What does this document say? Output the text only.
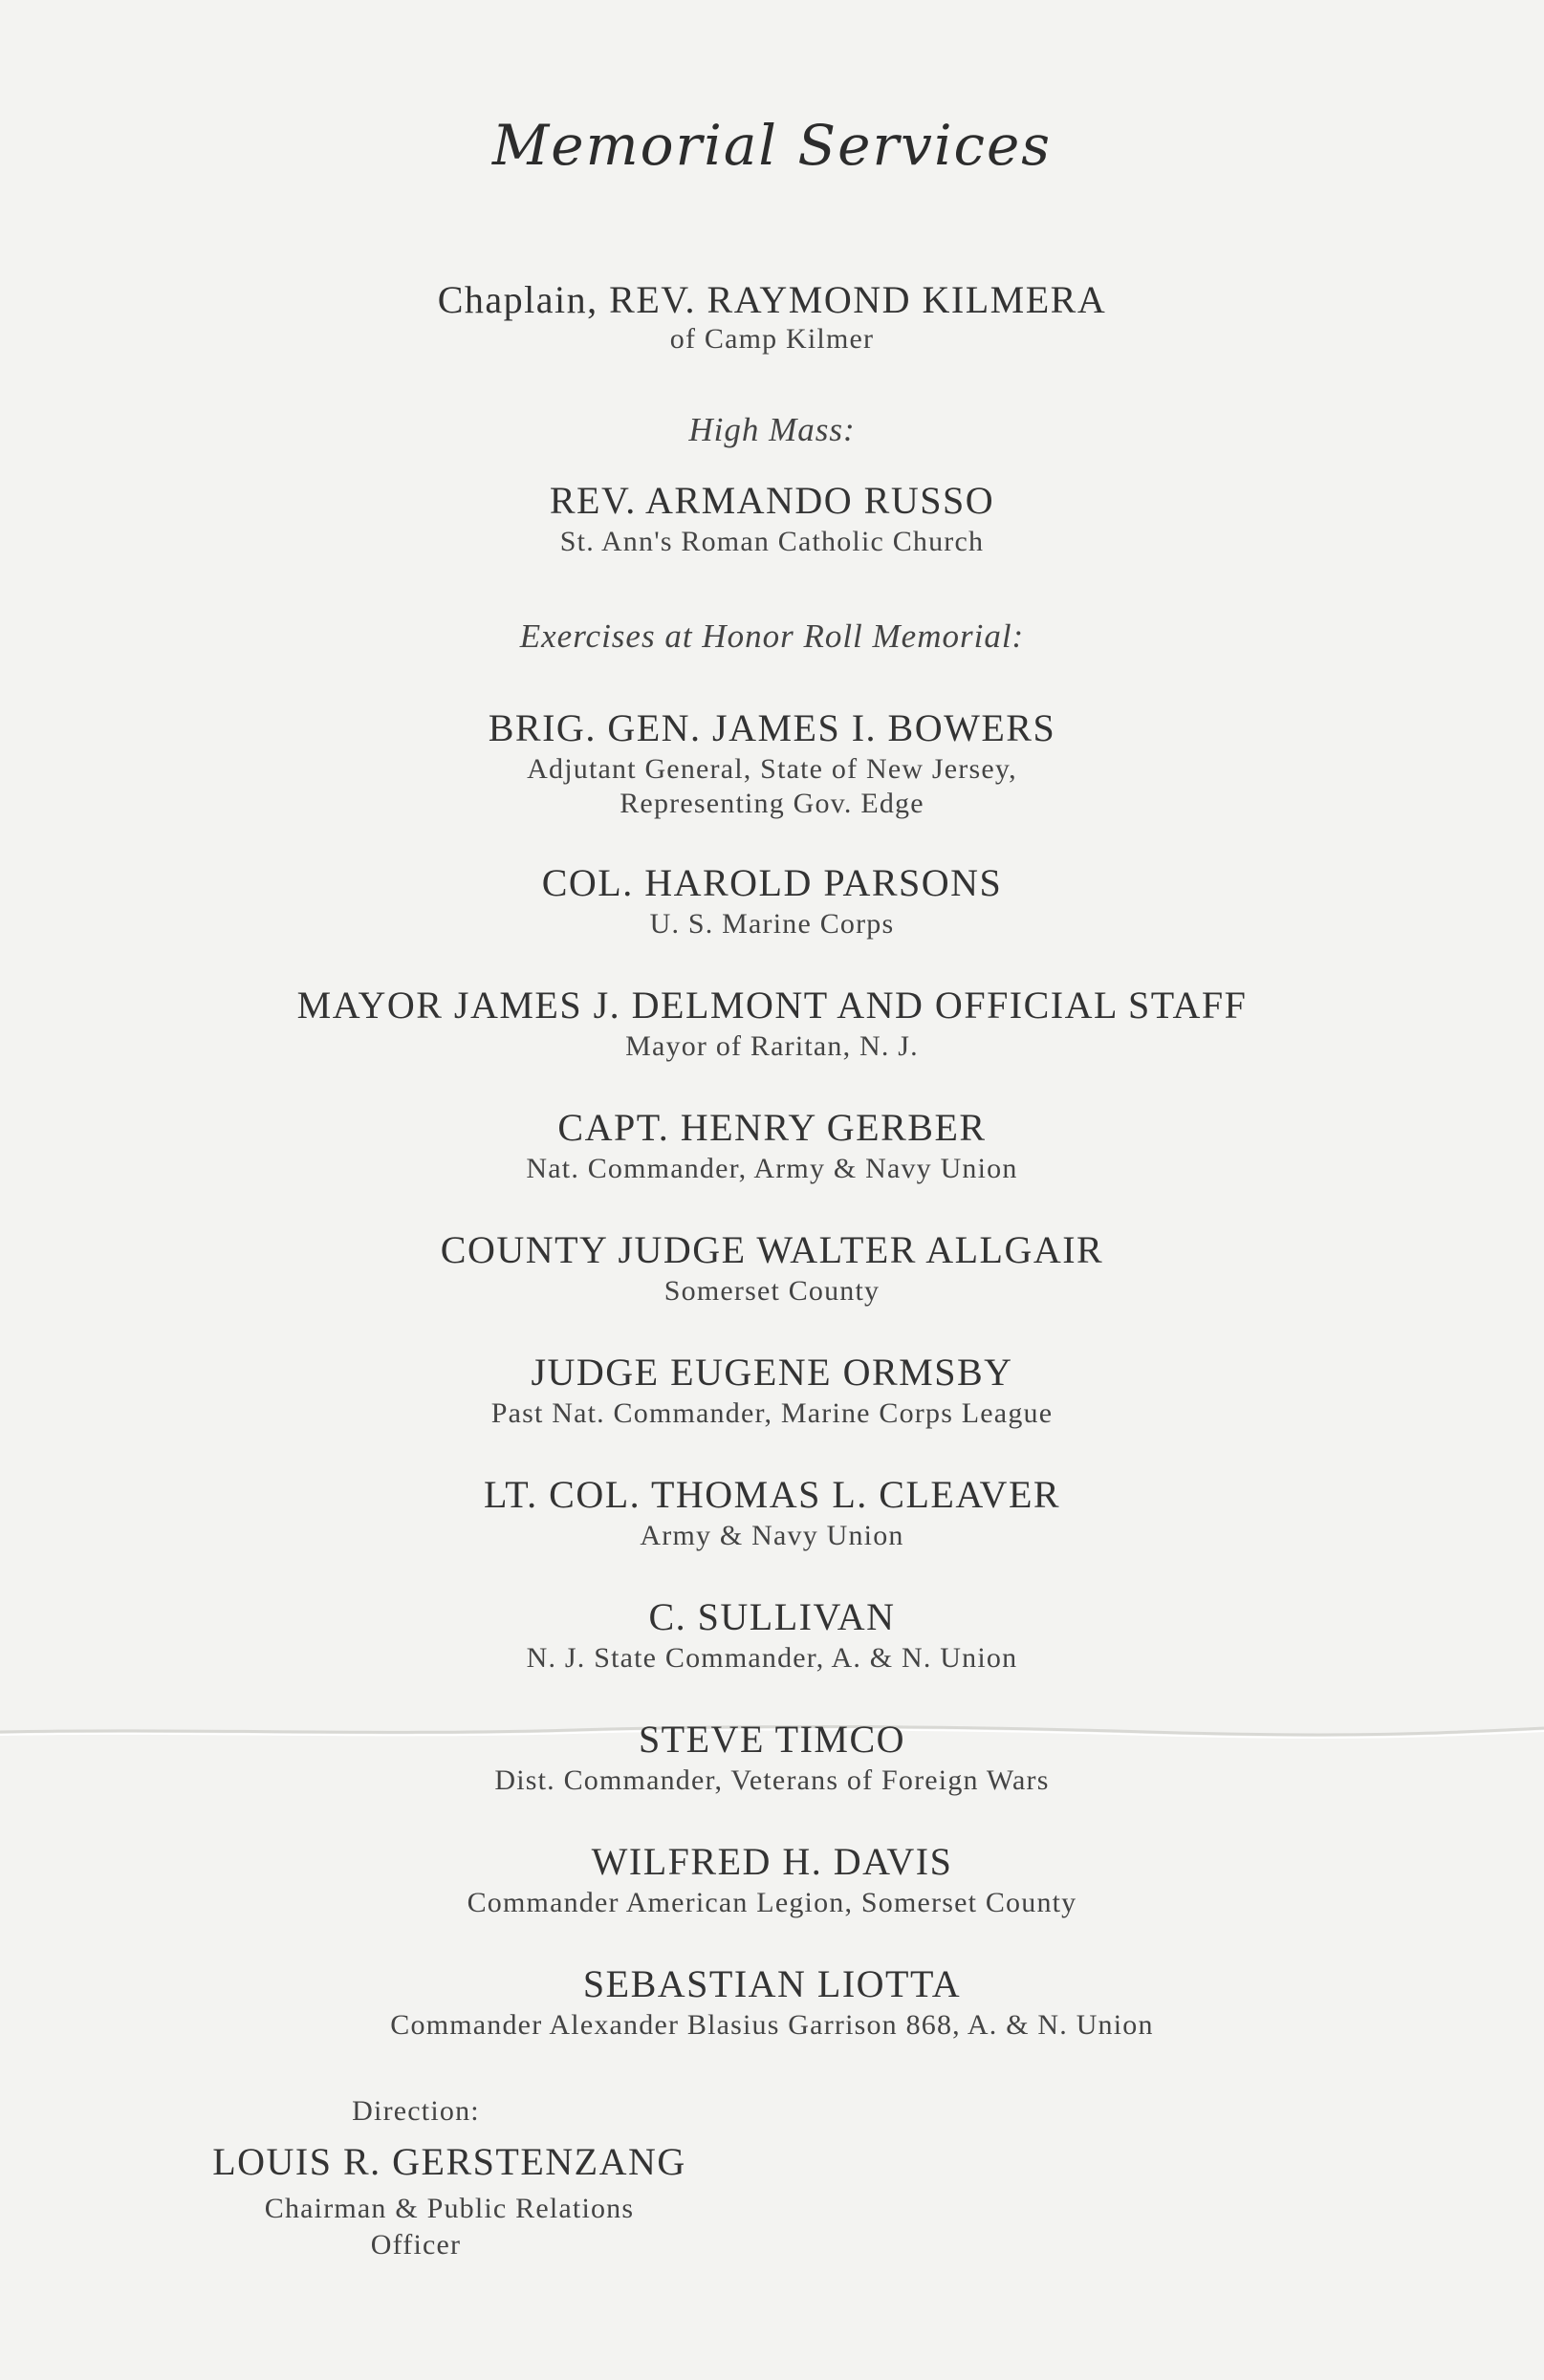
Memorial Services
Chaplain, REV. RAYMOND KILMERA
of Camp Kilmer
High Mass:
REV. ARMANDO RUSSO
St. Ann's Roman Catholic Church
Exercises at Honor Roll Memorial:
BRIG. GEN. JAMES I. BOWERS
Adjutant General, State of New Jersey,
Representing Gov. Edge
COL. HAROLD PARSONS
U. S. Marine Corps
MAYOR JAMES J. DELMONT AND OFFICIAL STAFF
Mayor of Raritan, N. J.
CAPT. HENRY GERBER
Nat. Commander, Army & Navy Union
COUNTY JUDGE WALTER ALLGAIR
Somerset County
JUDGE EUGENE ORMSBY
Past Nat. Commander, Marine Corps League
LT. COL. THOMAS L. CLEAVER
Army & Navy Union
C. SULLIVAN
N. J. State Commander, A. & N. Union
STEVE TIMCO
Dist. Commander, Veterans of Foreign Wars
WILFRED H. DAVIS
Commander American Legion, Somerset County
SEBASTIAN LIOTTA
Commander Alexander Blasius Garrison 868, A. & N. Union
Direction:
LOUIS R. GERSTENZANG
Chairman & Public Relations
Officer
